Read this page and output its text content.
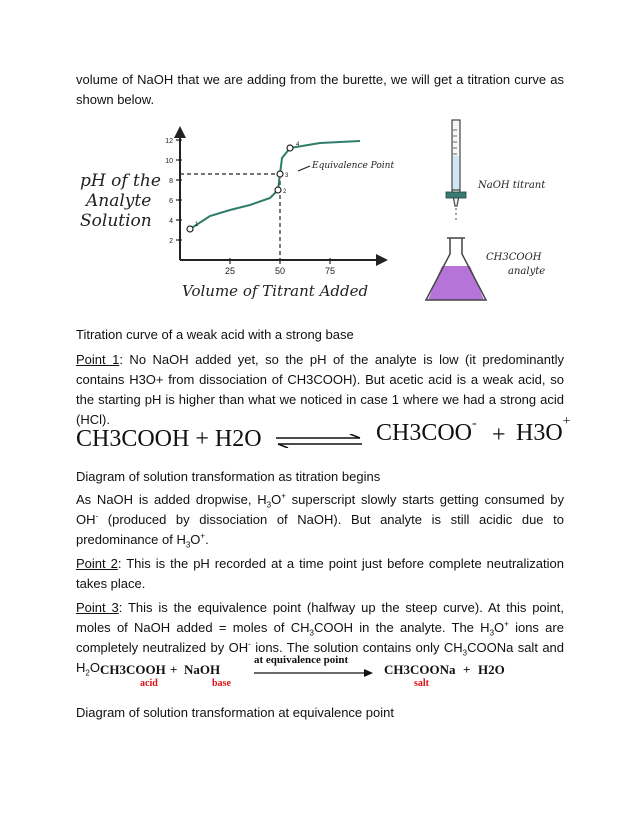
volume of NaOH that we are adding from the burette, we will get a titration curve as shown below.

pH of the
Analyte
Solution
2
4
6
8
10
12
25	50	75
1
2
3
4
Equivalence Point
Volume of Titrant Added
NaOH titrant
CH3COOH
analyte

Titration curve of a weak acid with a strong base

Point 1: No NaOH added yet, so the pH of the analyte is low (it predominantly contains H3O+ from dissociation of CH3COOH). But acetic acid is a weak acid, so the starting pH is higher than what we noticed in case 1 where we had a strong acid (HCl).

CH3COOH + H2O ⇌ CH3COO- + H3O+

Diagram of solution transformation as titration begins

As NaOH is added dropwise, $H_3O^+$ superscript slowly starts getting consumed by OH- (produced by dissociation of NaOH). But analyte is still acidic due to predominance of $H_3O^+$.

Point 2: This is the pH recorded at a time point just before complete neutralization takes place.

Point 3: This is the equivalence point (halfway up the steep curve). At this point, moles of NaOH added = moles of $CH_3COOH$ in the analyte. The $H_3O^+$ ions are completely neutralized by OH- ions. The solution contains only $CH_3COONa$ salt and $H_2O$.

CH3COOH + NaOH
at equivalence point
CH3COONa + H2O
acid	base	salt

Diagram of solution transformation at equivalence point
